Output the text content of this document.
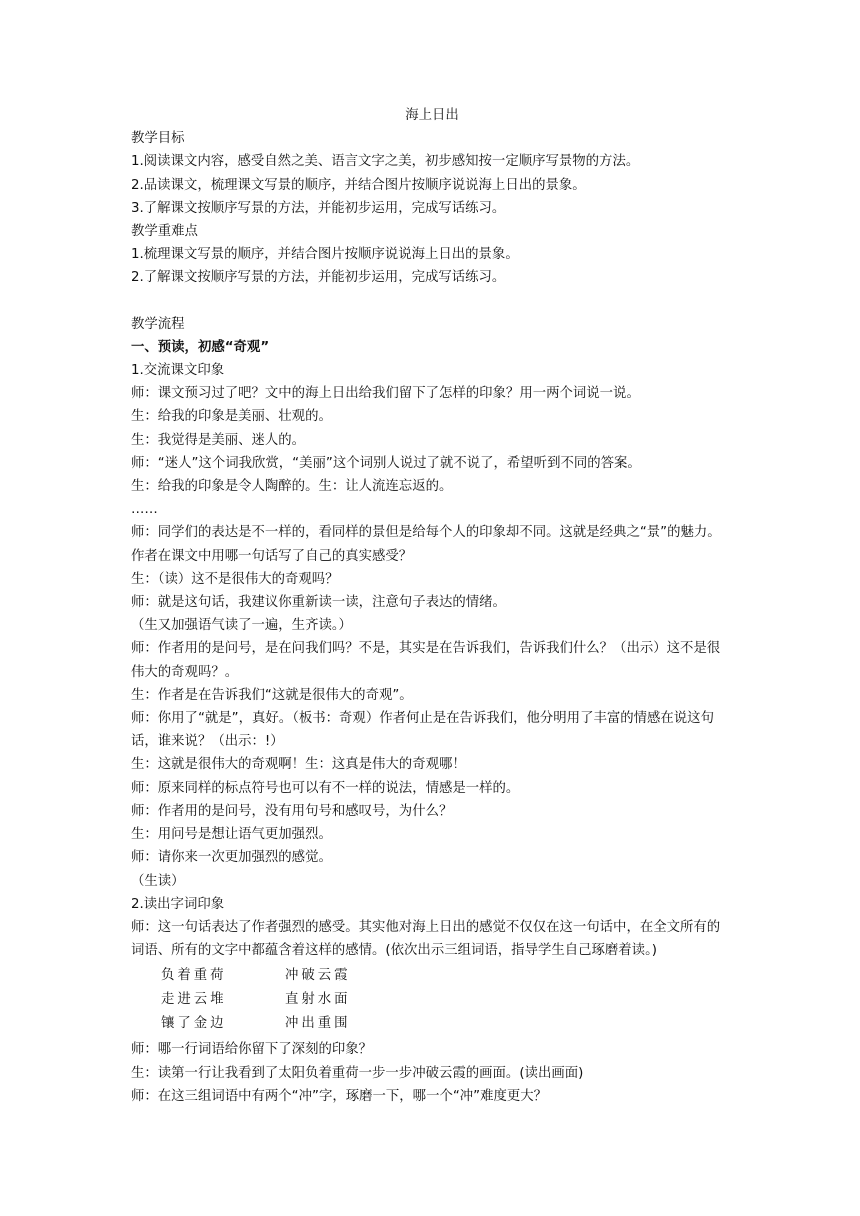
海上日出

教学目标

1.阅读课文内容，感受自然之美、语言文字之美，初步感知按一定顺序写景物的方法。

2.品读课文，梳理课文写景的顺序，并结合图片按顺序说说海上日出的景象。

3.了解课文按顺序写景的方法，并能初步运用，完成写话练习。

教学重难点

1.梳理课文写景的顺序，并结合图片按顺序说说海上日出的景象。

2.了解课文按顺序写景的方法，并能初步运用，完成写话练习。

教学流程

一、预读，初感“奇观”

1.交流课文印象

师：课文预习过了吧？文中的海上日出给我们留下了怎样的印象？用一两个词说一说。

生：给我的印象是美丽、壮观的。

生：我觉得是美丽、迷人的。

师：“迷人”这个词我欣赏，“美丽”这个词别人说过了就不说了，希望听到不同的答案。

生：给我的印象是令人陶醉的。生：让人流连忘返的。

……

师：同学们的表达是不一样的，看同样的景但是给每个人的印象却不同。这就是经典之“景”的魅力。作者在课文中用哪一句话写了自己的真实感受？

生：（读）这不是很伟大的奇观吗？

师：就是这句话，我建议你重新读一读，注意句子表达的情绪。

（生又加强语气读了一遍，生齐读。）

师：作者用的是问号，是在问我们吗？不是，其实是在告诉我们，告诉我们什么？（出示）这不是很伟大的奇观吗？。

生：作者是在告诉我们“这就是很伟大的奇观”。

师：你用了“就是”，真好。（板书：奇观）作者何止是在告诉我们，他分明用了丰富的情感在说这句话，谁来说？（出示：!）

生：这就是很伟大的奇观啊！生：这真是伟大的奇观哪！

师：原来同样的标点符号也可以有不一样的说法，情感是一样的。

师：作者用的是问号，没有用句号和感叹号，为什么？

生：用问号是想让语气更加强烈。

师：请你来一次更加强烈的感觉。

（生读）

2.读出字词印象

师：这一句话表达了作者强烈的感受。其实他对海上日出的感觉不仅仅在这一句话中，在全文所有的词语、所有的文字中都蕴含着这样的感情。(依次出示三组词语，指导学生自己琢磨着读。)

负着重荷	冲破云霞
走进云堆	直射水面
镶了金边	冲出重围

师：哪一行词语给你留下了深刻的印象？

生：读第一行让我看到了太阳负着重荷一步一步冲破云霞的画面。(读出画面)

师：在这三组词语中有两个“冲”字，琢磨一下，哪一个“冲”难度更大？
